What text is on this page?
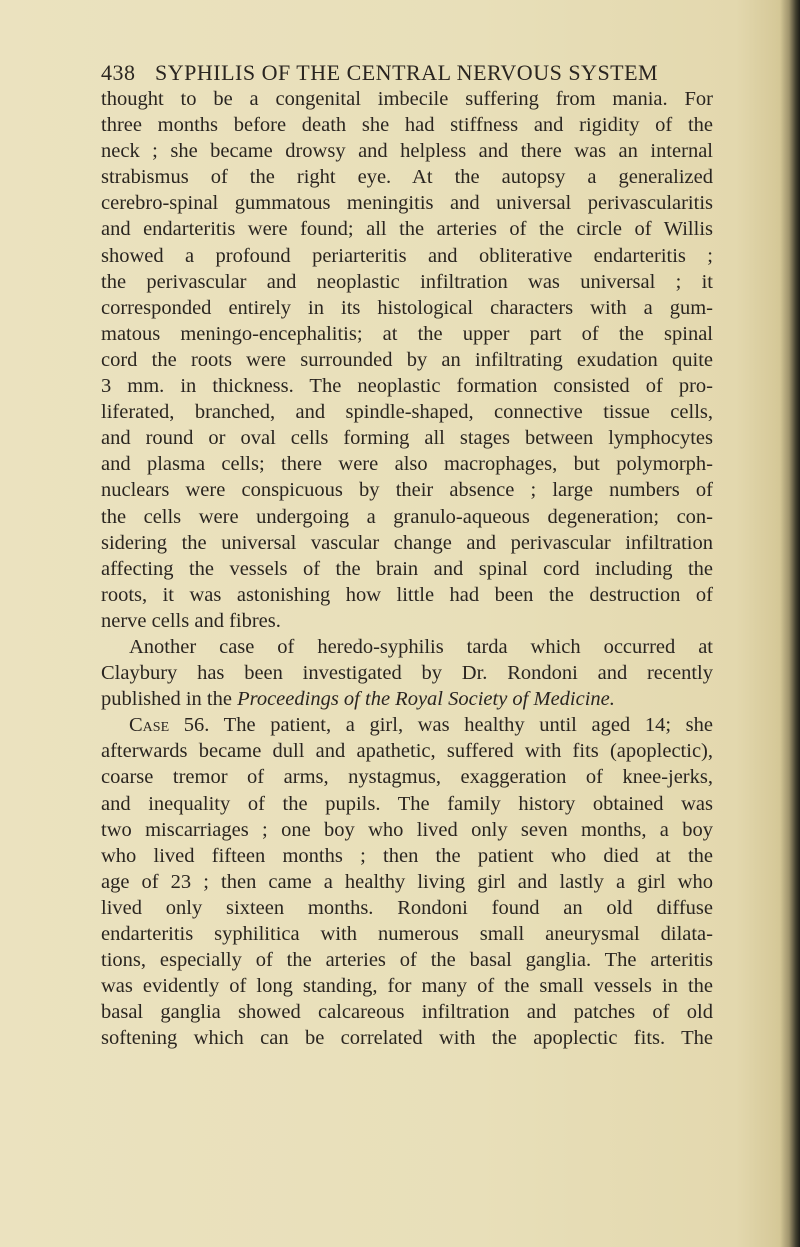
438 SYPHILIS OF THE CENTRAL NERVOUS SYSTEM
thought to be a congenital imbecile suffering from mania. For
three months before death she had stiffness and rigidity of the
neck ; she became drowsy and helpless and there was an internal
strabismus of the right eye. At the autopsy a generalized
cerebro-spinal gummatous meningitis and universal perivascularitis
and endarteritis were found; all the arteries of the circle of Willis
showed a profound periarteritis and obliterative endarteritis ;
the perivascular and neoplastic infiltration was universal ; it
corresponded entirely in its histological characters with a gum-
matous meningo-encephalitis; at the upper part of the spinal
cord the roots were surrounded by an infiltrating exudation quite
3 mm. in thickness. The neoplastic formation consisted of pro-
liferated, branched, and spindle-shaped, connective tissue cells,
and round or oval cells forming all stages between lymphocytes
and plasma cells; there were also macrophages, but polymorph-
nuclears were conspicuous by their absence ; large numbers of
the cells were undergoing a granulo-aqueous degeneration; con-
sidering the universal vascular change and perivascular infiltration
affecting the vessels of the brain and spinal cord including the
roots, it was astonishing how little had been the destruction of
nerve cells and fibres.
Another case of heredo-syphilis tarda which occurred at
Claybury has been investigated by Dr. Rondoni and recently
published in the Proceedings of the Royal Society of Medicine.
Case 56. The patient, a girl, was healthy until aged 14; she
afterwards became dull and apathetic, suffered with fits (apoplectic),
coarse tremor of arms, nystagmus, exaggeration of knee-jerks,
and inequality of the pupils. The family history obtained was
two miscarriages ; one boy who lived only seven months, a boy
who lived fifteen months ; then the patient who died at the
age of 23 ; then came a healthy living girl and lastly a girl who
lived only sixteen months. Rondoni found an old diffuse
endarteritis syphilitica with numerous small aneurysmal dilata-
tions, especially of the arteries of the basal ganglia. The arteritis
was evidently of long standing, for many of the small vessels in the
basal ganglia showed calcareous infiltration and patches of old
softening which can be correlated with the apoplectic fits. The
